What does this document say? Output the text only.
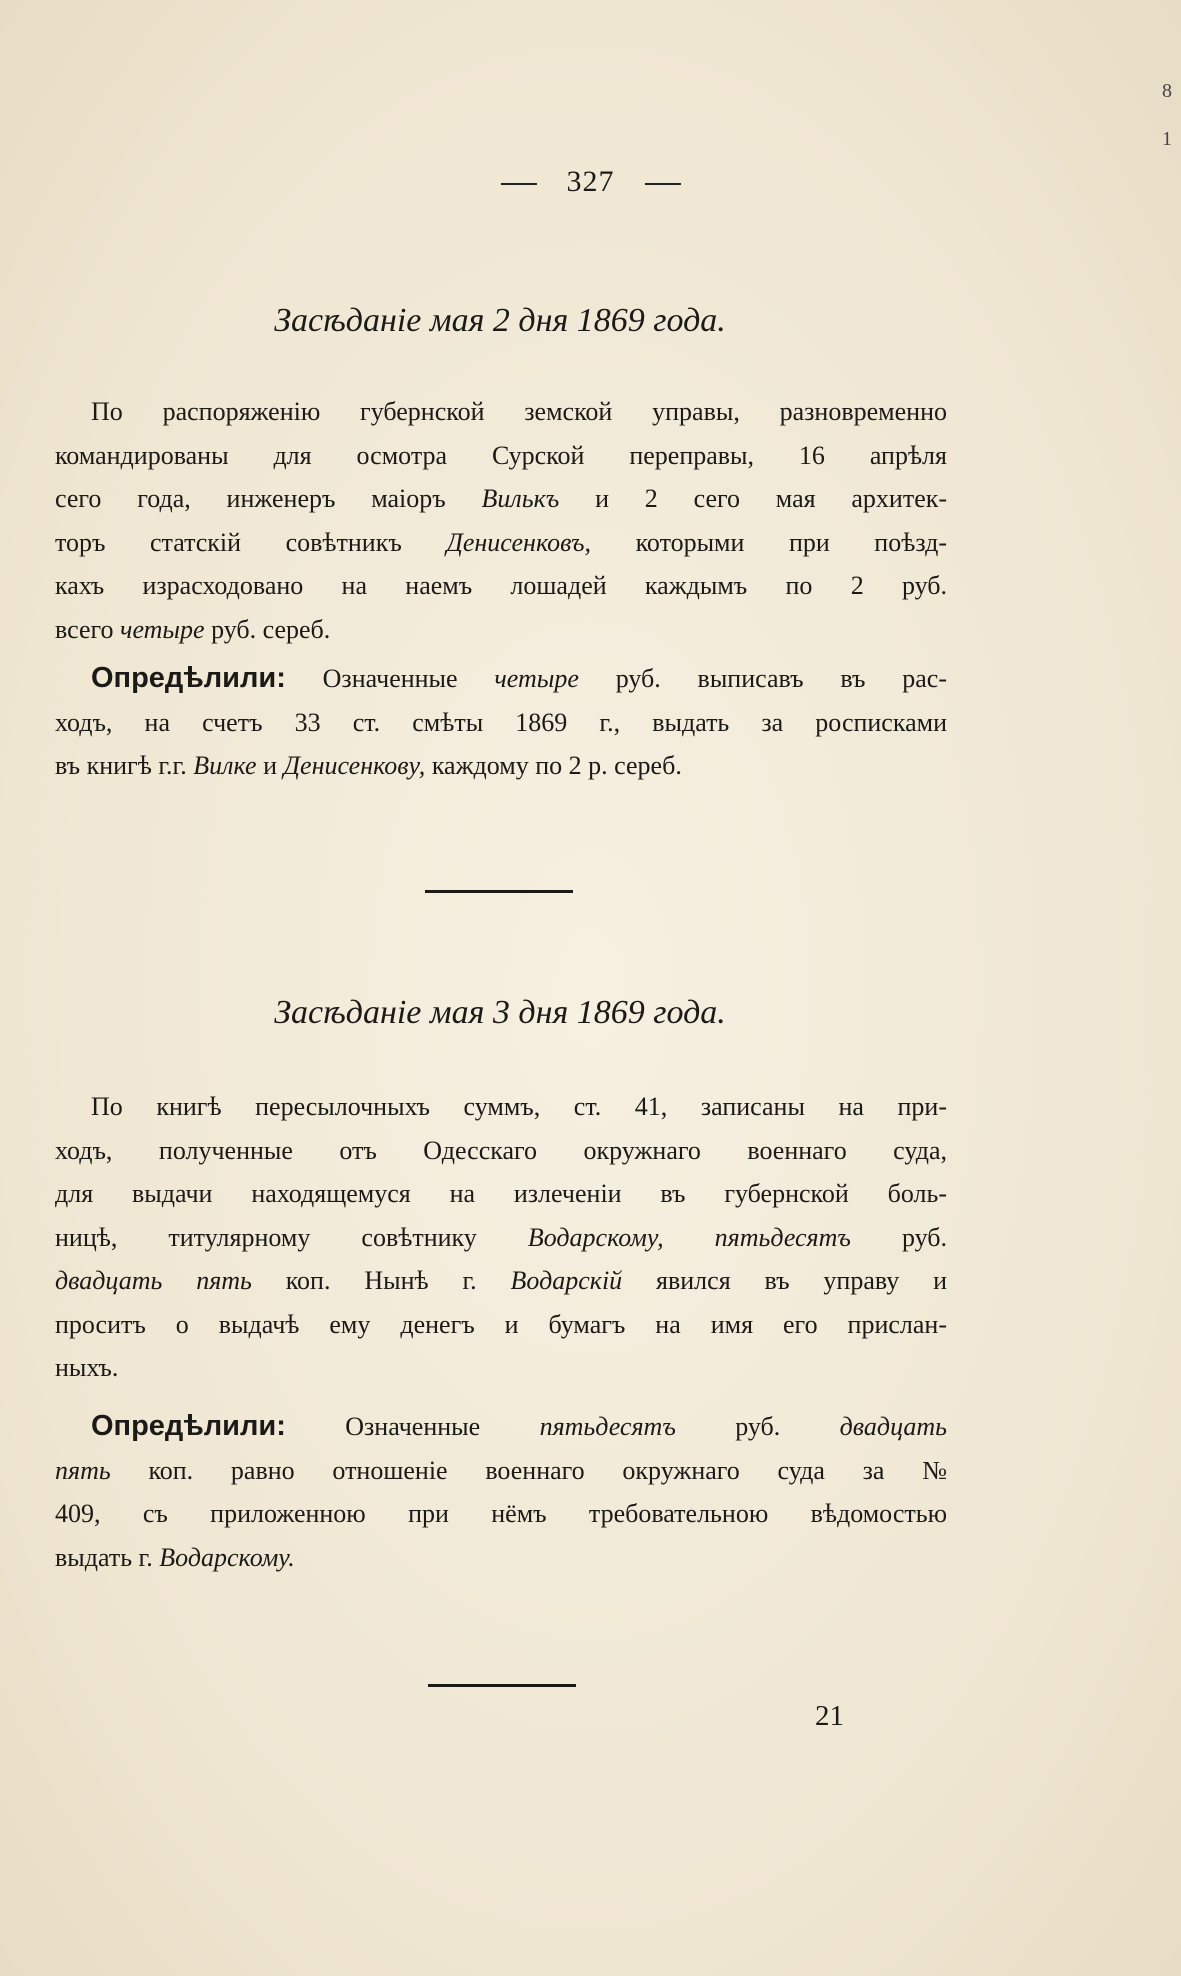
8
1
327
Засѣданіе мая 2 дня 1869 года.
По распоряженію губернской земской управы, разновременно
командированы для осмотра Сурской переправы, 16 апрѣля
сего года, инженеръ маіоръ Вилькъ и 2 сего мая архитек-
торъ статскій совѣтникъ Денисенковъ, которыми при поѣзд-
кахъ израсходовано на наемъ лошадей каждымъ по 2 руб.
всего четыре руб. сереб.
Опредѣлили: Означенные четыре руб. выписавъ въ рас-
ходъ, на счетъ 33 ст. смѣты 1869 г., выдать за росписками
въ книгѣ г.г. Вилке и Денисенкову, каждому по 2 р. сереб.
Засѣданіе мая 3 дня 1869 года.
По книгѣ пересылочныхъ суммъ, ст. 41, записаны на при-
ходъ, полученные отъ Одесскаго окружнаго военнаго суда,
для выдачи находящемуся на излеченіи въ губернской боль-
ницѣ, титулярному совѣтнику Водарскому, пятьдесятъ руб.
двадцать пять коп. Нынѣ г. Водарскій явился въ управу и
проситъ о выдачѣ ему денегъ и бумагъ на имя его прислан-
ныхъ.
Опредѣлили: Означенные пятьдесятъ руб. двадцать
пять коп. равно отношеніе военнаго окружнаго суда за №
409, съ приложенною при нёмъ требовательною вѣдомостью
выдать г. Водарскому.
21
